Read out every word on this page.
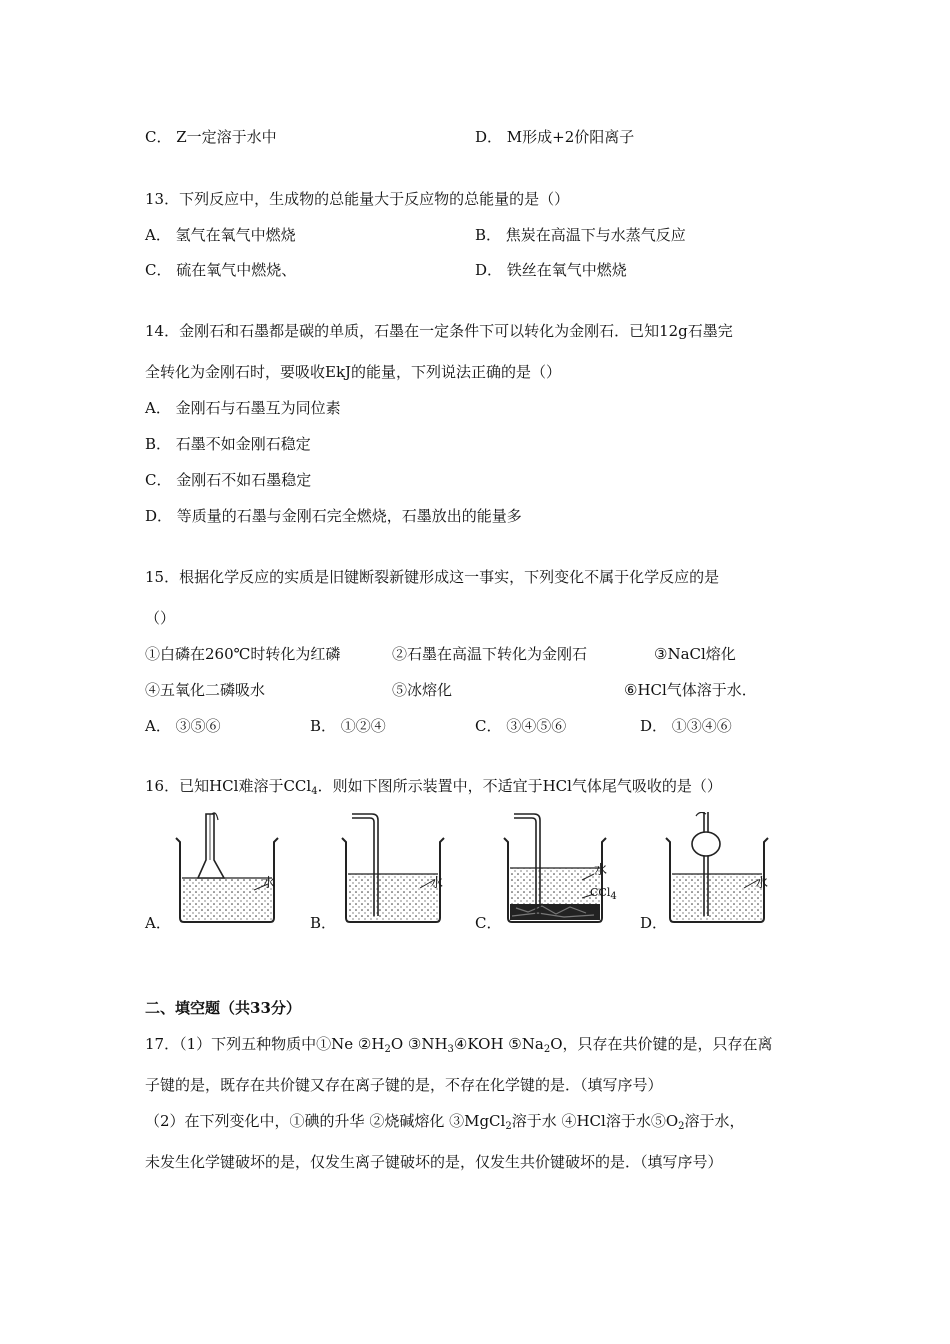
C． Z一定溶于水中	D． M形成+2价阳离子
13．下列反应中，生成物的总能量大于反应物的总能量的是（）
A． 氢气在氧气中燃烧	B． 焦炭在高温下与水蒸气反应
C． 硫在氧气中燃烧、	D． 铁丝在氧气中燃烧
14．金刚石和石墨都是碳的单质，石墨在一定条件下可以转化为金刚石．已知12g石墨完
全转化为金刚石时，要吸收EkJ的能量，下列说法正确的是（）
A． 金刚石与石墨互为同位素
B． 石墨不如金刚石稳定
C． 金刚石不如石墨稳定
D． 等质量的石墨与金刚石完全燃烧，石墨放出的能量多
15．根据化学反应的实质是旧键断裂新键形成这一事实，下列变化不属于化学反应的是
（）
①白磷在260℃时转化为红磷	②石墨在高温下转化为金刚石	③NaCl熔化
④五氧化二磷吸水	⑤冰熔化	⑥HCl气体溶于水．
A． ③⑤⑥	B． ①②④	C． ③④⑤⑥	D． ①③④⑥
16．已知HCl难溶于CCl$_4$．则如下图所示装置中，不适宜于HCl气体尾气吸收的是（）
水	水
水
CCl$_4$
水
A．	B．	C．	D．
二、填空题（共33分）
17．（1）下列五种物质中①Ne $②H_2O$ $③NH_3④KOH$ $⑤Na_2O$，只存在共价键的是，只存在离
子键的是，既存在共价键又存在离子键的是，不存在化学键的是．（填写序号）
（2）在下列变化中，①碘的升华 ②烧碱熔化 ③MgCl$_2$溶于水 ④HCl溶于水$⑤O_2$溶于水，
未发生化学键破坏的是，仅发生离子键破坏的是，仅发生共价键破坏的是．（填写序号）
